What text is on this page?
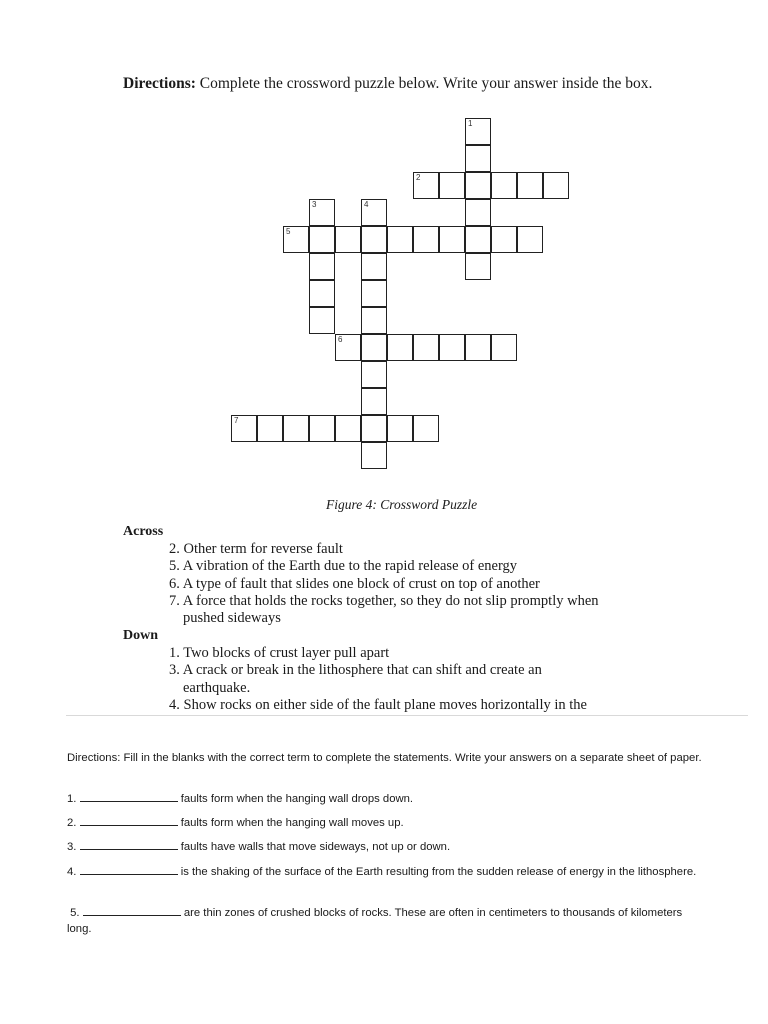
Directions: Complete the crossword puzzle below. Write your answer inside the box.
1
2
3	4
5
6
7
Figure 4: Crossword Puzzle
Across
2. Other term for reverse fault
5. A vibration of the Earth due to the rapid release of energy
6. A type of fault that slides one block of crust on top of another
7. A force that holds the rocks together, so they do not slip promptly when
pushed sideways
Down
1. Two blocks of crust layer pull apart
3. A crack or break in the lithosphere that can shift and create an
earthquake.
4. Show rocks on either side of the fault plane moves horizontally in the
Directions: Fill in the blanks with the correct term to complete the statements. Write your answers on a separate sheet of paper.
1.	faults form when the hanging wall drops down.
2.	faults form when the hanging wall moves up.
3.	faults have walls that move sideways, not up or down.
4.	is the shaking of the surface of the Earth resulting from the sudden release of energy in the lithosphere.
5.	are thin zones of crushed blocks of rocks. These are often in centimeters to thousands of kilometers long.
